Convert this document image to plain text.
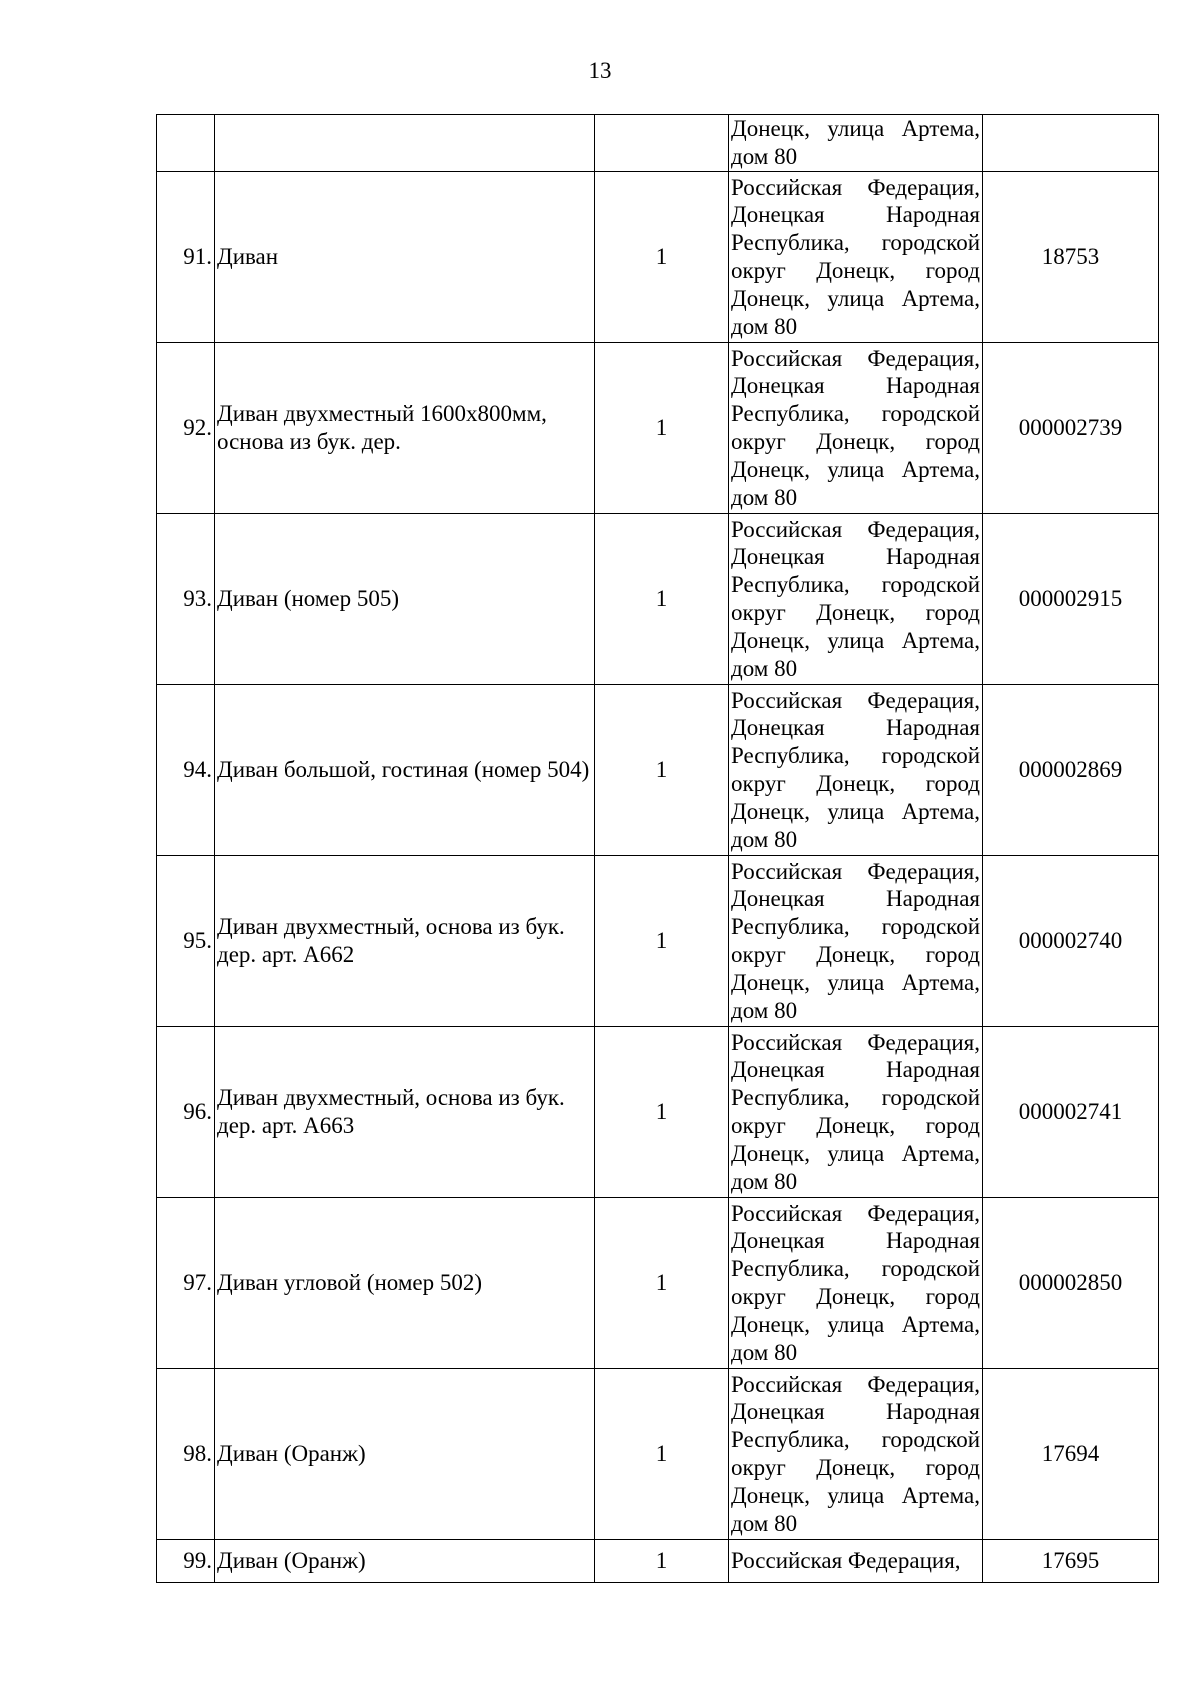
13
			Донецк, улица Артема, дом 80	
91.	Диван	1	Российская Федерация, Донецкая Народная Республика, городской округ Донецк, город Донецк, улица Артема, дом 80	18753
92.	Диван двухместный 1600х800мм, основа из бук. дер.	1	Российская Федерация, Донецкая Народная Республика, городской округ Донецк, город Донецк, улица Артема, дом 80	000002739
93.	Диван (номер 505)	1	Российская Федерация, Донецкая Народная Республика, городской округ Донецк, город Донецк, улица Артема, дом 80	000002915
94.	Диван большой, гостиная (номер 504)	1	Российская Федерация, Донецкая Народная Республика, городской округ Донецк, город Донецк, улица Артема, дом 80	000002869
95.	Диван двухместный, основа из бук. дер. арт. А662	1	Российская Федерация, Донецкая Народная Республика, городской округ Донецк, город Донецк, улица Артема, дом 80	000002740
96.	Диван двухместный, основа из бук. дер. арт. А663	1	Российская Федерация, Донецкая Народная Республика, городской округ Донецк, город Донецк, улица Артема, дом 80	000002741
97.	Диван угловой (номер 502)	1	Российская Федерация, Донецкая Народная Республика, городской округ Донецк, город Донецк, улица Артема, дом 80	000002850
98.	Диван (Оранж)	1	Российская Федерация, Донецкая Народная Республика, городской округ Донецк, город Донецк, улица Артема, дом 80	17694
99.	Диван (Оранж)	1	Российская Федерация,	17695
